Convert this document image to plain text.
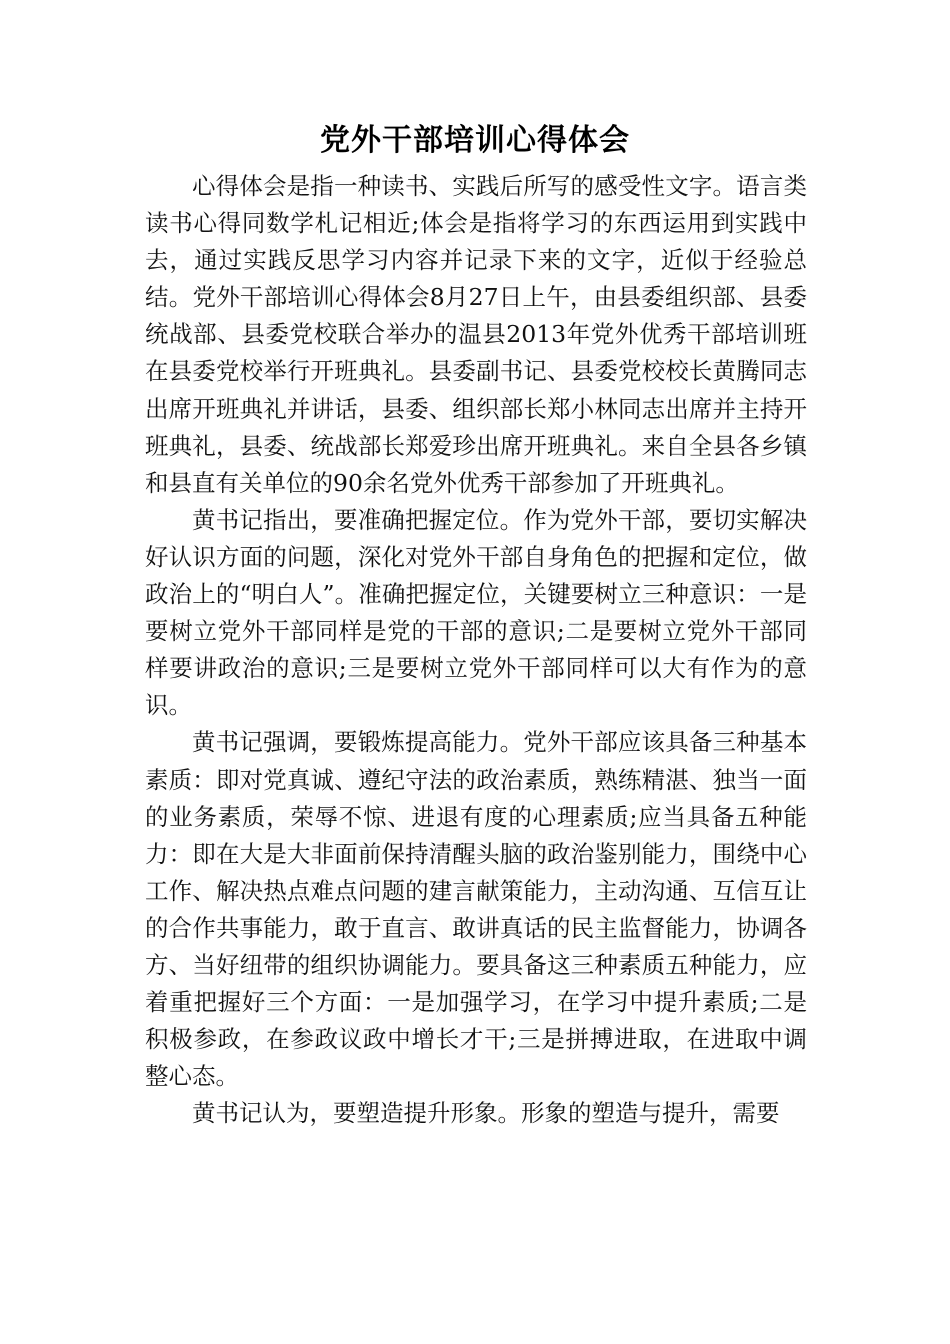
党外干部培训心得体会

心得体会是指一种读书、实践后所写的感受性文字。语言类读书心得同数学札记相近;体会是指将学习的东西运用到实践中去，通过实践反思学习内容并记录下来的文字，近似于经验总结。党外干部培训心得体会8月27日上午，由县委组织部、县委统战部、县委党校联合举办的温县2013年党外优秀干部培训班在县委党校举行开班典礼。县委副书记、县委党校校长黄腾同志出席开班典礼并讲话，县委、组织部长郑小林同志出席并主持开班典礼，县委、统战部长郑爱珍出席开班典礼。来自全县各乡镇和县直有关单位的90余名党外优秀干部参加了开班典礼。

黄书记指出，要准确把握定位。作为党外干部，要切实解决好认识方面的问题，深化对党外干部自身角色的把握和定位，做政治上的“明白人”。准确把握定位，关键要树立三种意识：一是要树立党外干部同样是党的干部的意识;二是要树立党外干部同样要讲政治的意识;三是要树立党外干部同样可以大有作为的意识。

黄书记强调，要锻炼提高能力。党外干部应该具备三种基本素质：即对党真诚、遵纪守法的政治素质，熟练精湛、独当一面的业务素质，荣辱不惊、进退有度的心理素质;应当具备五种能力：即在大是大非面前保持清醒头脑的政治鉴别能力，围绕中心工作、解决热点难点问题的建言献策能力，主动沟通、互信互让的合作共事能力，敢于直言、敢讲真话的民主监督能力，协调各方、当好纽带的组织协调能力。要具备这三种素质五种能力，应着重把握好三个方面：一是加强学习，在学习中提升素质;二是积极参政，在参政议政中增长才干;三是拼搏进取，在进取中调整心态。

黄书记认为，要塑造提升形象。形象的塑造与提升，需要
